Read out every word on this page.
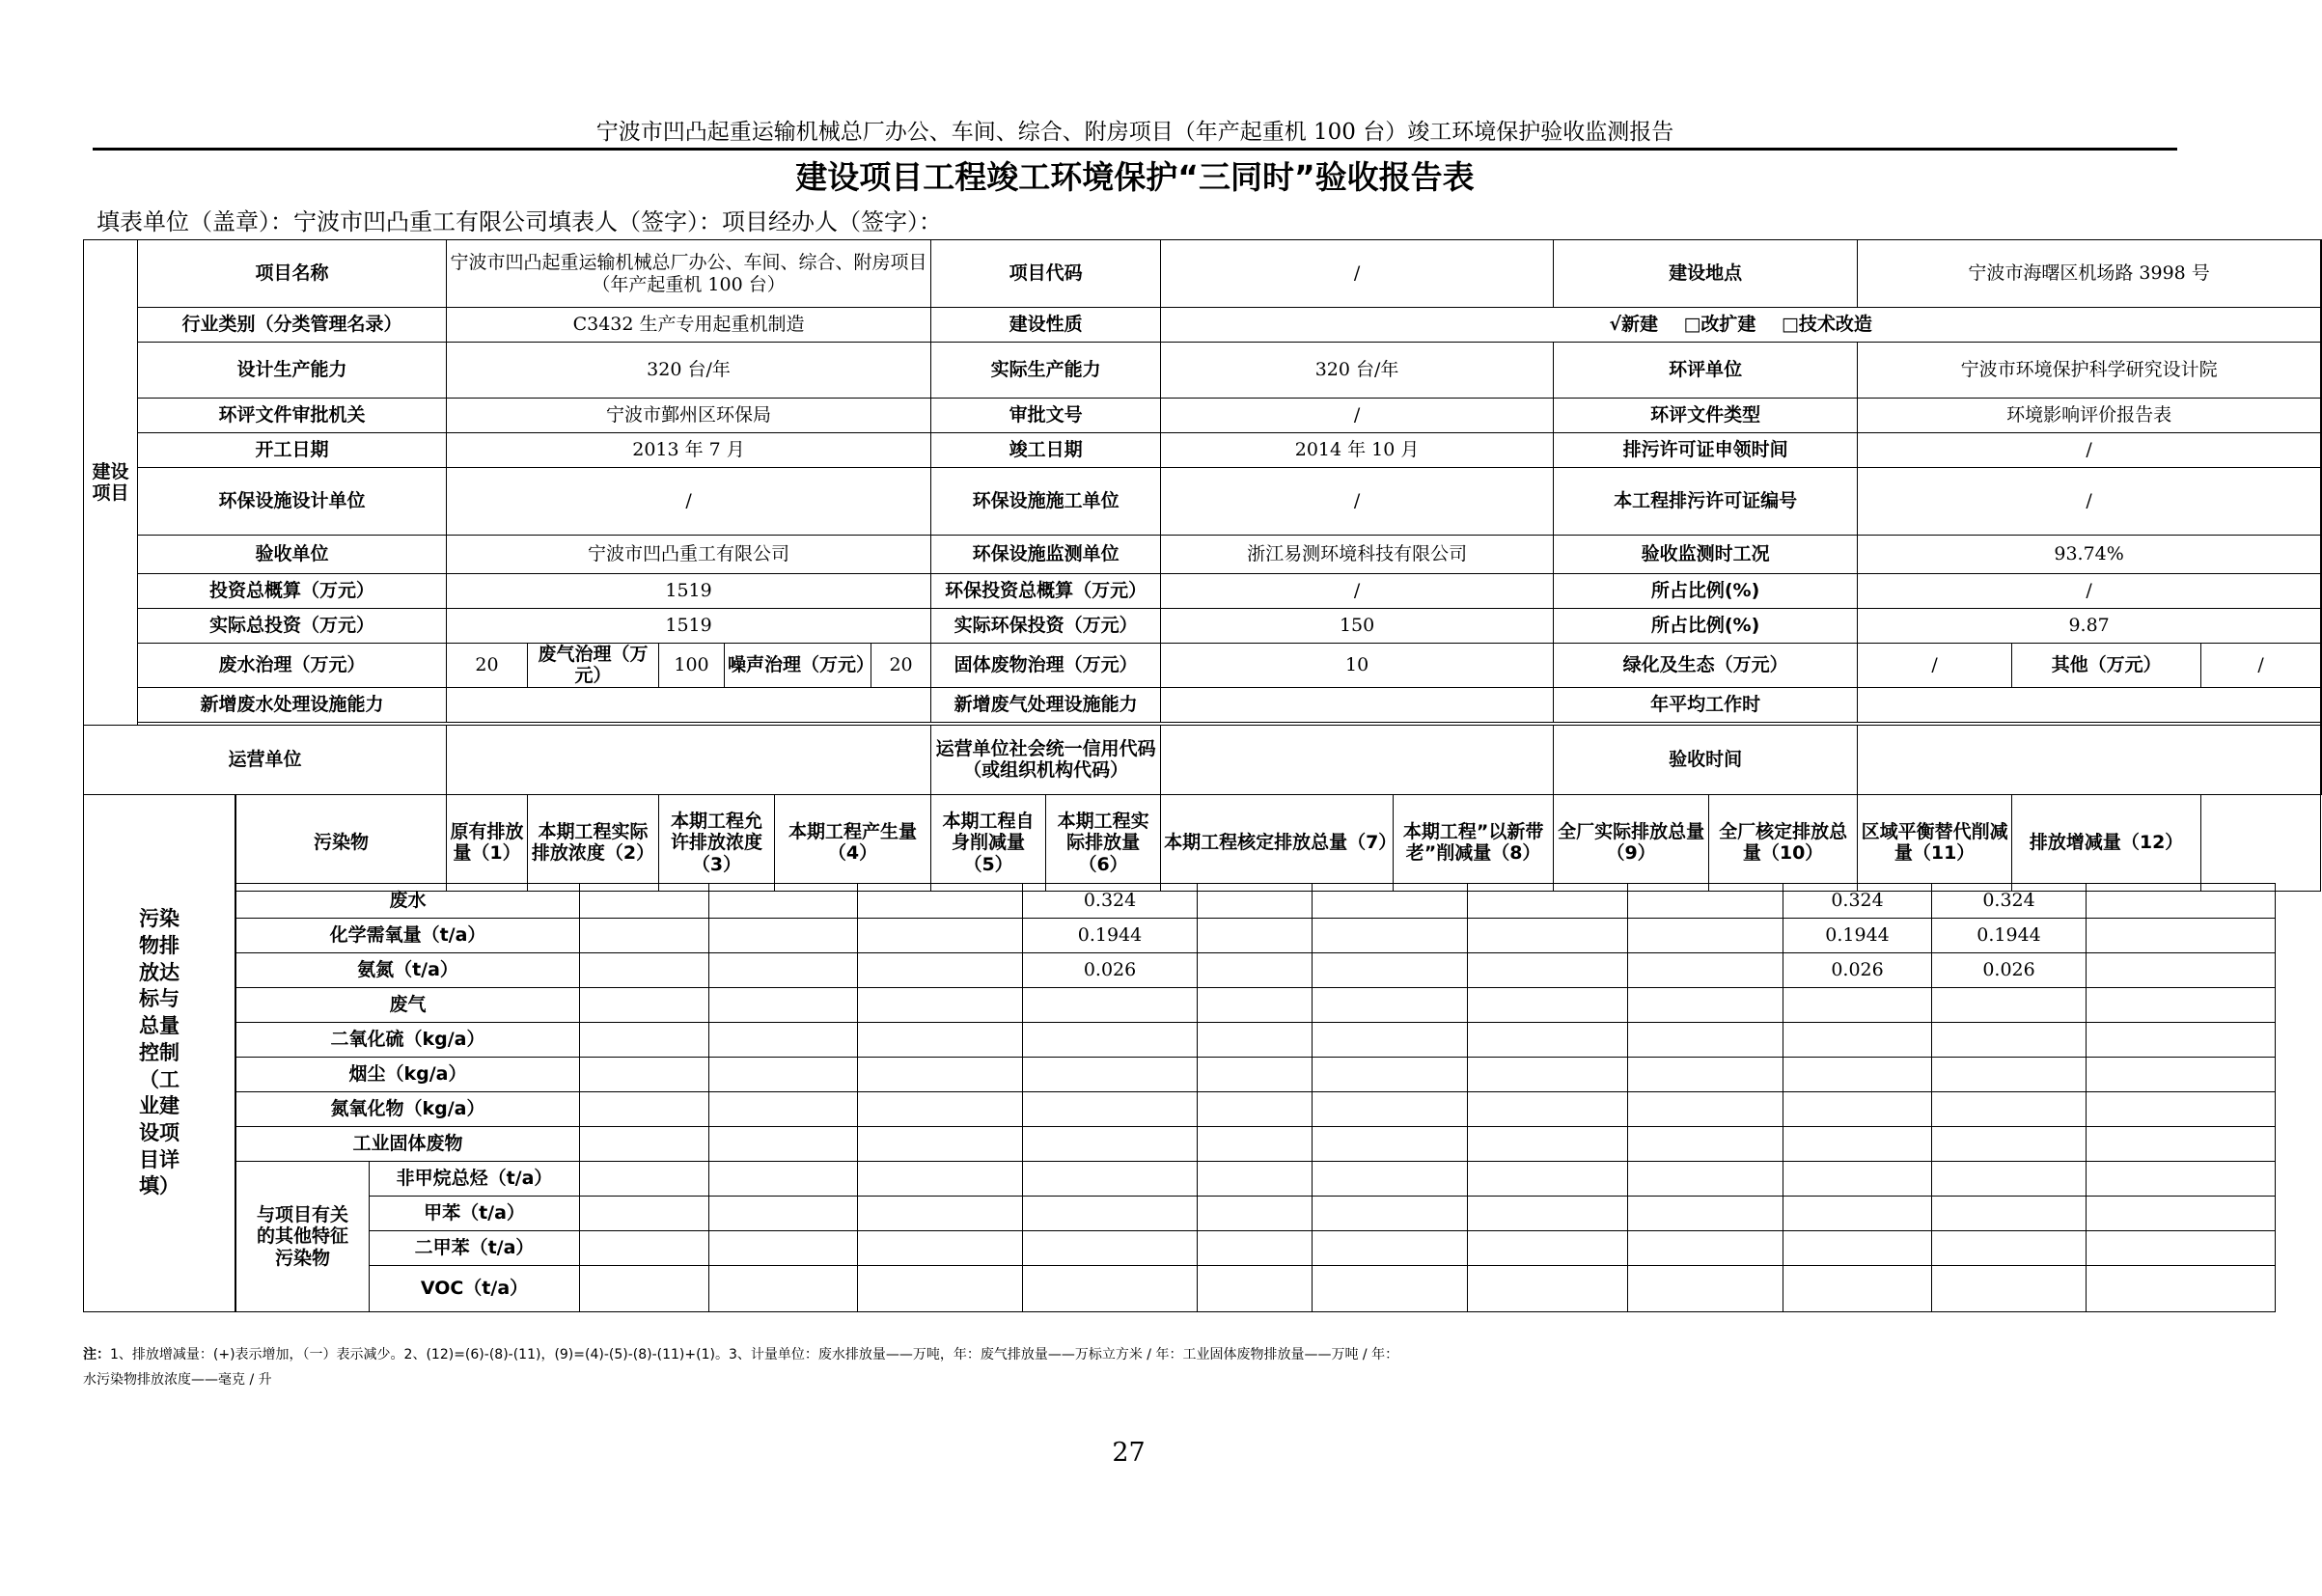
宁波市凹凸起重运输机械总厂办公、车间、综合、附房项目（年产起重机 100 台）竣工环境保护验收监测报告
建设项目工程竣工环境保护“三同时”验收报告表
填表单位（盖章）：宁波市凹凸重工有限公司填表人（签字）：项目经办人（签字）：
建设项目	项目名称		宁波市凹凸起重运输机械总厂办公、车间、综合、附房项目（年产起重机 100 台）						项目代码		/		建设地点		宁波市海曙区机场路 3998 号			
	行业类别（分类管理名录）		C3432 生产专用起重机制造						建设性质		√新建    □改扩建    □技术改造							
	设计生产能力		320 台/年						实际生产能力		320 台/年		环评单位		宁波市环境保护科学研究设计院			
	环评文件审批机关		宁波市鄞州区环保局						审批文号		/		环评文件类型		环境影响评价报告表			
	开工日期		2013 年 7 月						竣工日期		2014 年 10 月		排污许可证申领时间		/			
	环保设施设计单位		/						环保设施施工单位		/		本工程排污许可证编号		/			
	验收单位		宁波市凹凸重工有限公司						环保设施监测单位		浙江易测环境科技有限公司		验收监测时工况		93.74%			
	投资总概算（万元）		1519						环保投资总概算（万元）		/		所占比例(%)		/			
	实际总投资（万元）		1519						实际环保投资（万元）		150		所占比例(%)		9.87			
	废水治理（万元）		20	废气治理（万元）	100	噪声治理（万元）		20	固体废物治理（万元）		10		绿化及生态（万元）		/	其他（万元）	/	
	新增废水处理设施能力								新增废气处理设施能力				年平均工作时					

运营单位									运营单位社会统一信用代码（或组织机构代码）				验收时间					
		污染物	原有排放量（1）	本期工程实际排放浓度（2）	本期工程允许排放浓度（3）		本期工程产生量（4）		本期工程自身削减量（5）	本期工程实际排放量（6）	本期工程核定排放总量（7）	本期工程”以新带老”削减量（8）	全厂实际排放总量（9）	全厂核定排放总量（10）	区域平衡替代削减量（11）	排放增减量（12）		
废水					0.324					0.324	0.324		
化学需氧量（t/a）					0.1944					0.1944	0.1944		
氨氮（t/a）					0.026					0.026	0.026		
废气													
二氧化硫（kg/a）													
烟尘（kg/a）													
氮氧化物（kg/a）													
工业固体废物													
与项目有关的其他特征污染物	非甲烷总烃（t/a）												
	甲苯（t/a）												
	二甲苯（t/a）												
	VOC（t/a）												
注：1、排放增减量：(+)表示增加，（一）表示减少。2、(12)=(6)-(8)-(11)，(9)=(4)-(5)-(8)-(11)+(1)。3、计量单位：废水排放量——万吨，年：废气排放量——万标立方米 / 年：工业固体废物排放量——万吨 / 年：
水污染物排放浓度——毫克 / 升
27
污染物排放达标与总量控制（工业建设项目详填）
